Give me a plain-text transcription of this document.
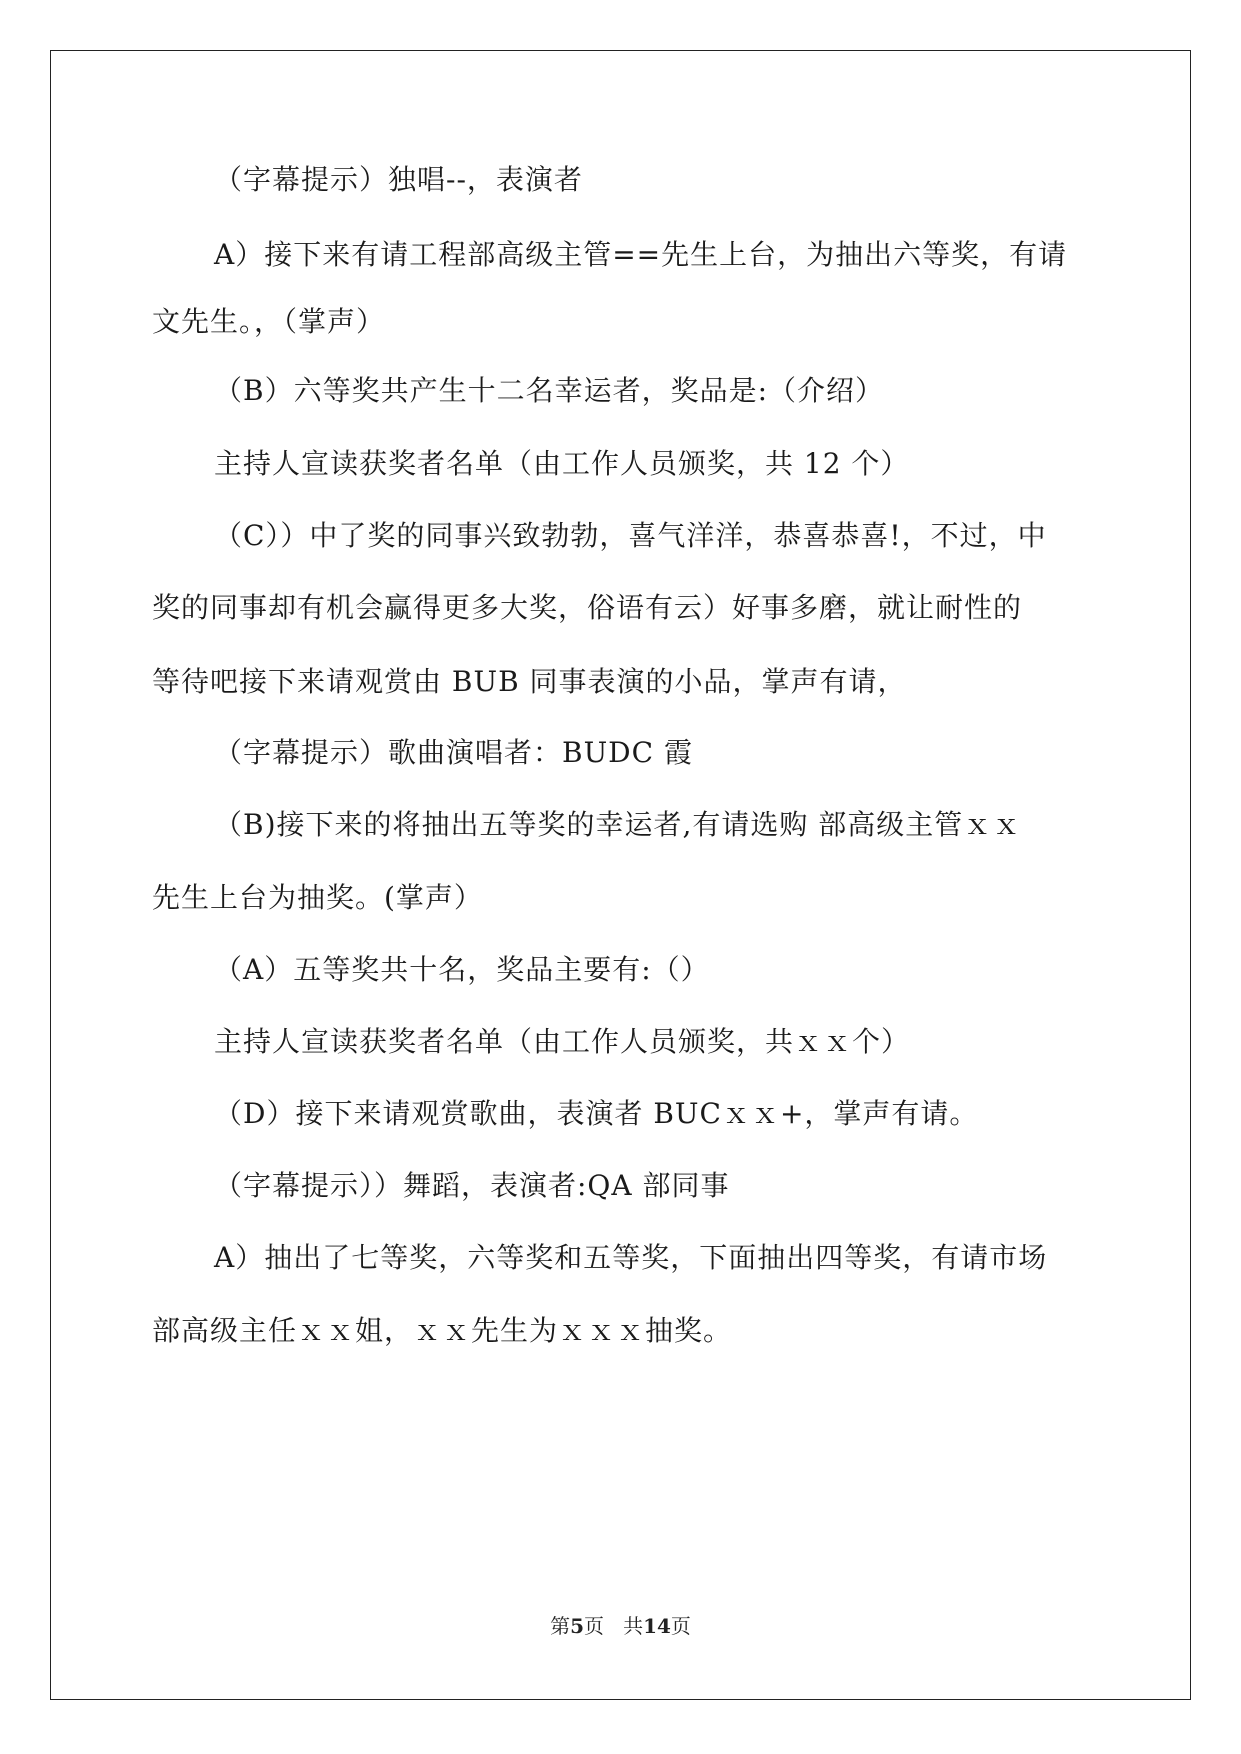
（字幕提示）独唱--，表演者
A）接下来有请工程部高级主管==先生上台，为抽出六等奖，有请
文先生。，（掌声）
（B）六等奖共产生十二名幸运者，奖品是:（介绍）
主持人宣读获奖者名单（由工作人员颁奖，共 12 个）
（C））中了奖的同事兴致勃勃，喜气洋洋，恭喜恭喜!，不过，中
奖的同事却有机会赢得更多大奖，俗语有云）好事多磨，就让耐性的
等待吧接下来请观赏由 BUB 同事表演的小品，掌声有请，
（字幕提示）歌曲演唱者：BUDC 霞
（B)接下来的将抽出五等奖的幸运者,有请选购 部高级主管ｘｘ
先生上台为抽奖。(掌声）
（A）五等奖共十名，奖品主要有:（）
主持人宣读获奖者名单（由工作人员颁奖，共ｘｘ个）
（D）接下来请观赏歌曲，表演者 BUCｘｘ+，掌声有请。
（字幕提示））舞蹈，表演者:QA 部同事
A）抽出了七等奖，六等奖和五等奖，下面抽出四等奖，有请市场
部高级主任ｘｘ姐，ｘｘ先生为ｘｘｘ抽奖。
第5页 共14页
